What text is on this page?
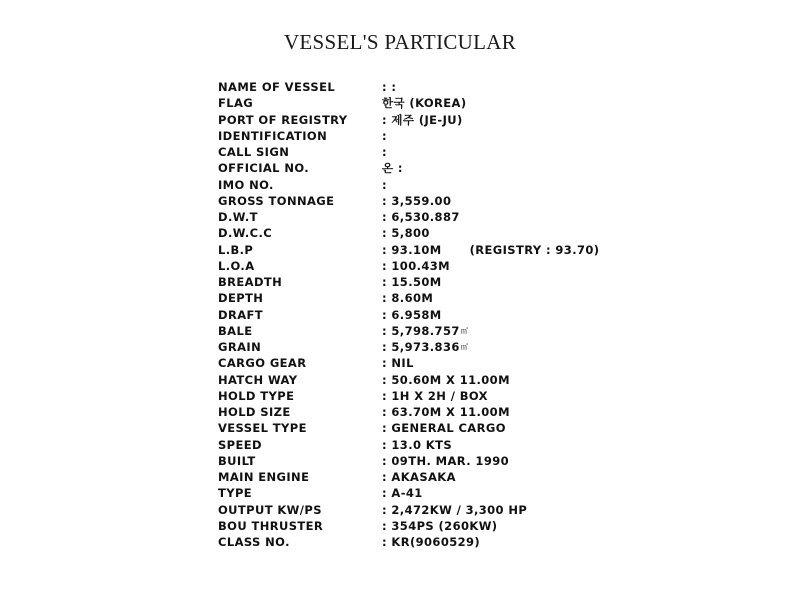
VESSEL'S PARTICULAR
NAME OF VESSEL	: :
FLAG	한국 (KOREA)
PORT OF REGISTRY	: 제주 (JE-JU)
IDENTIFICATION	:
CALL SIGN	:
OFFICIAL NO.	온 :
IMO NO.	:
GROSS TONNAGE	: 3,559.00
D.W.T	: 6,530.887
D.W.C.C	: 5,800
L.B.P	: 93.10M (REGISTRY : 93.70)
L.O.A	: 100.43M
BREADTH	: 15.50M
DEPTH	: 8.60M
DRAFT	: 6.958M
BALE	: 5,798.757 ㎥
GRAIN	: 5,973.836 ㎥
CARGO GEAR	: NIL
HATCH WAY	: 50.60M X 11.00M
HOLD TYPE	: 1H X 2H / BOX
HOLD SIZE	: 63.70M X 11.00M
VESSEL TYPE	: GENERAL CARGO
SPEED	: 13.0 KTS
BUILT	: 09TH. MAR. 1990
MAIN ENGINE	: AKASAKA
TYPE	: A-41
OUTPUT KW/PS	: 2,472KW / 3,300 HP
BOU THRUSTER	: 354PS (260KW)
CLASS NO.	: KR(9060529)
